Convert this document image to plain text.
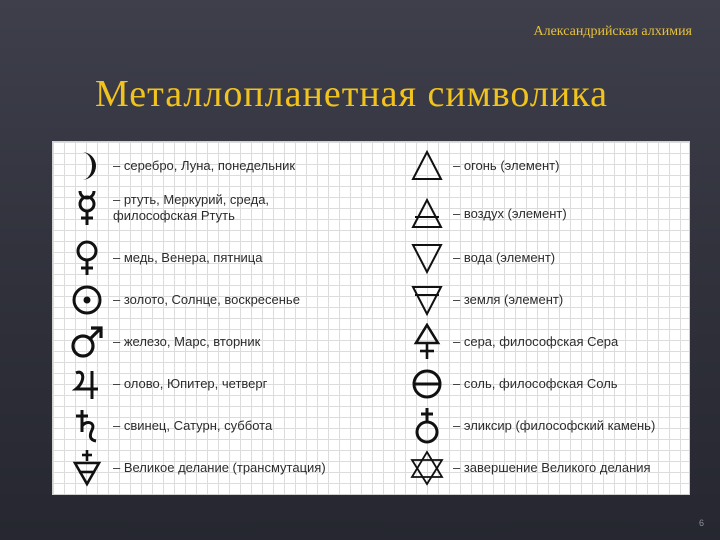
Александрийская алхимия
Металлопланетная символика
– серебро, Луна, понедельник
– ртуть, Меркурий, среда,
философская Ртуть
– медь, Венера, пятница
– золото, Солнце, воскресенье
– железо, Марс, вторник
– олово, Юпитер, четверг
– свинец, Сатурн, суббота
– Великое делание (трансмутация)
– огонь (элемент)
– воздух (элемент)
– вода (элемент)
– земля (элемент)
– сера, философская Сера
– соль, философская Соль
– эликсир (философский камень)
– завершение Великого делания
6
